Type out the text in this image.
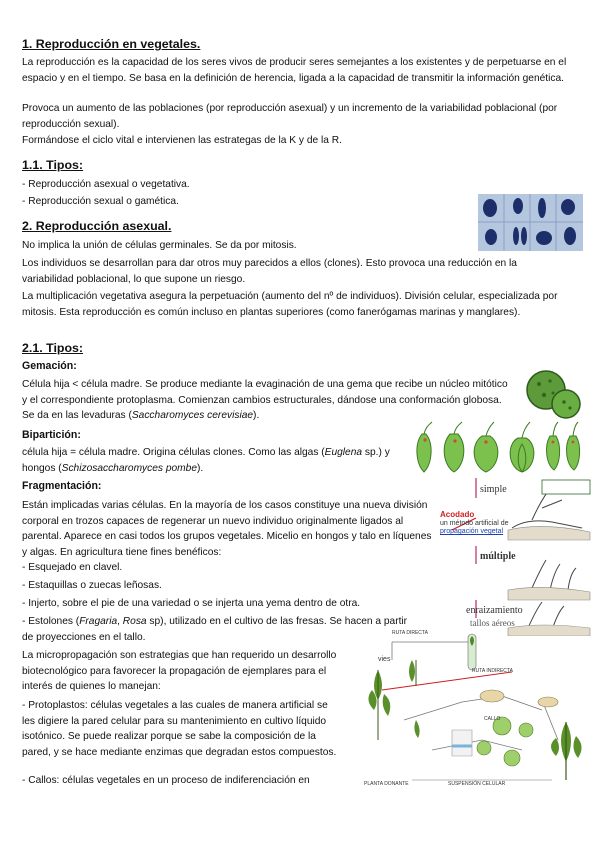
1. Reproducción en vegetales.

La reproducción es la capacidad de los seres vivos de producir seres semejantes a los existentes y de perpetuarse en el espacio y en el tiempo. Se basa en la definición de herencia, ligada a la capacidad de transmitir la información genética.

Provoca un aumento de las poblaciones (por reproducción asexual) y un incremento de la variabilidad poblacional (por reproducción sexual).

Formándose el ciclo vital e intervienen las estrategas de la K y de la R.

1.1. Tipos:

- Reproducción asexual o vegetativa.

- Reproducción sexual o gamética.

2. Reproducción asexual.

No implica la unión de células germinales. Se da por mitosis.

Los individuos se desarrollan para dar otros muy parecidos a ellos (clones). Esto provoca una reducción en la variabilidad poblacional, lo que supone un riesgo.

La multiplicación vegetativa asegura la perpetuación (aumento del nº de individuos). División celular, especializada por mitosis. Esta reproducción es común incluso en plantas superiores (como fanerógamas marinas y manglares).

2.1. Tipos:
Gemación:

Célula hija < célula madre. Se produce mediante la evaginación de una gema que recibe un núcleo mitótico y el correspondiente protoplasma. Comienzan cambios estructurales, dándose una conformación globosa. Se da en las levaduras (Saccharomyces cerevisiae).

Bipartición:

célula hija = célula madre. Origina células clones. Como las algas (Euglena sp.) y hongos (Schizosaccharomyces pombe).

Fragmentación:

Están implicadas varias células. En la mayoría de los casos constituye una nueva división corporal en trozos capaces de regenerar un nuevo individuo originalmente ligados al parental. Aparece en casi todos los grupos vegetales. Micelio en hongos y talo en líquenes y algas. En agricultura tiene fines benéficos:

- Esquejado en clavel.

- Estaquillas o zuecas leñosas.

- Injerto, sobre el pie de una variedad o se injerta una yema dentro de otra.

- Estolones (Fragaria, Rosa sp), utilizado en el cultivo de las fresas. Se hacen a partir de proyecciones en el tallo.

simple
Acodado
un método artificial de
propagación vegetal
múltiple
enraizamiento
tallos aéreos

La micropropagación son estrategias que han requerido un desarrollo biotecnológico para favorecer la propagación de ejemplares para el interés de quienes lo manejan:

- Protoplastos: células vegetales a las cuales de manera artificial se les digiere la pared celular para su mantenimiento en cultivo líquido isotónico. Se puede realizar porque se sabe la composición de la pared, y se hace mediante enzimas que degradan estos compuestos.

- Callos: células vegetales en un proceso de indiferenciación en

RUTA DIRECTA
RUTA INDIRECTA
CALLO
SUSPENSIÓN CELULAR
PLANTA DONANTE
vies
